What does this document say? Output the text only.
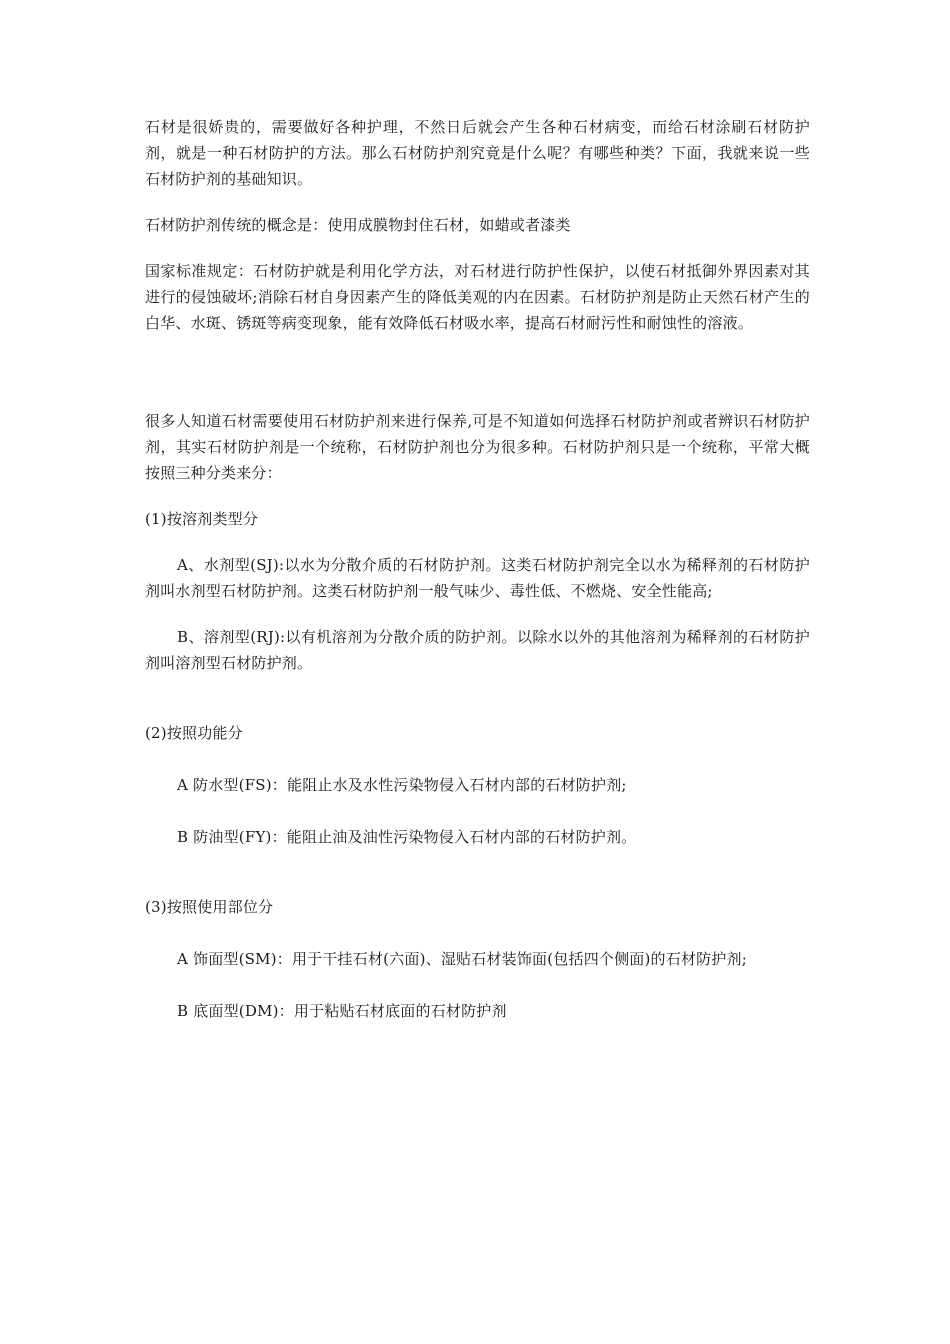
石材是很娇贵的，需要做好各种护理，不然日后就会产生各种石材病变，而给石材涂刷石材防护剂，就是一种石材防护的方法。那么石材防护剂究竟是什么呢？有哪些种类？下面，我就来说一些石材防护剂的基础知识。

石材防护剂传统的概念是：使用成膜物封住石材，如蜡或者漆类

国家标准规定：石材防护就是利用化学方法，对石材进行防护性保护，以使石材抵御外界因素对其进行的侵蚀破坏;消除石材自身因素产生的降低美观的内在因素。石材防护剂是防止天然石材产生的白华、水斑、锈斑等病变现象，能有效降低石材吸水率，提高石材耐污性和耐蚀性的溶液。

很多人知道石材需要使用石材防护剂来进行保养,可是不知道如何选择石材防护剂或者辨识石材防护剂，其实石材防护剂是一个统称，石材防护剂也分为很多种。石材防护剂只是一个统称，平常大概按照三种分类来分：

(1)按溶剂类型分

A、水剂型(SJ):以水为分散介质的石材防护剂。这类石材防护剂完全以水为稀释剂的石材防护剂叫水剂型石材防护剂。这类石材防护剂一般气味少、毒性低、不燃烧、安全性能高;

B、溶剂型(RJ):以有机溶剂为分散介质的防护剂。以除水以外的其他溶剂为稀释剂的石材防护剂叫溶剂型石材防护剂。

(2)按照功能分

A 防水型(FS)：能阻止水及水性污染物侵入石材内部的石材防护剂;

B 防油型(FY)：能阻止油及油性污染物侵入石材内部的石材防护剂。

(3)按照使用部位分

A 饰面型(SM)：用于干挂石材(六面)、湿贴石材装饰面(包括四个侧面)的石材防护剂;

B 底面型(DM)：用于粘贴石材底面的石材防护剂
